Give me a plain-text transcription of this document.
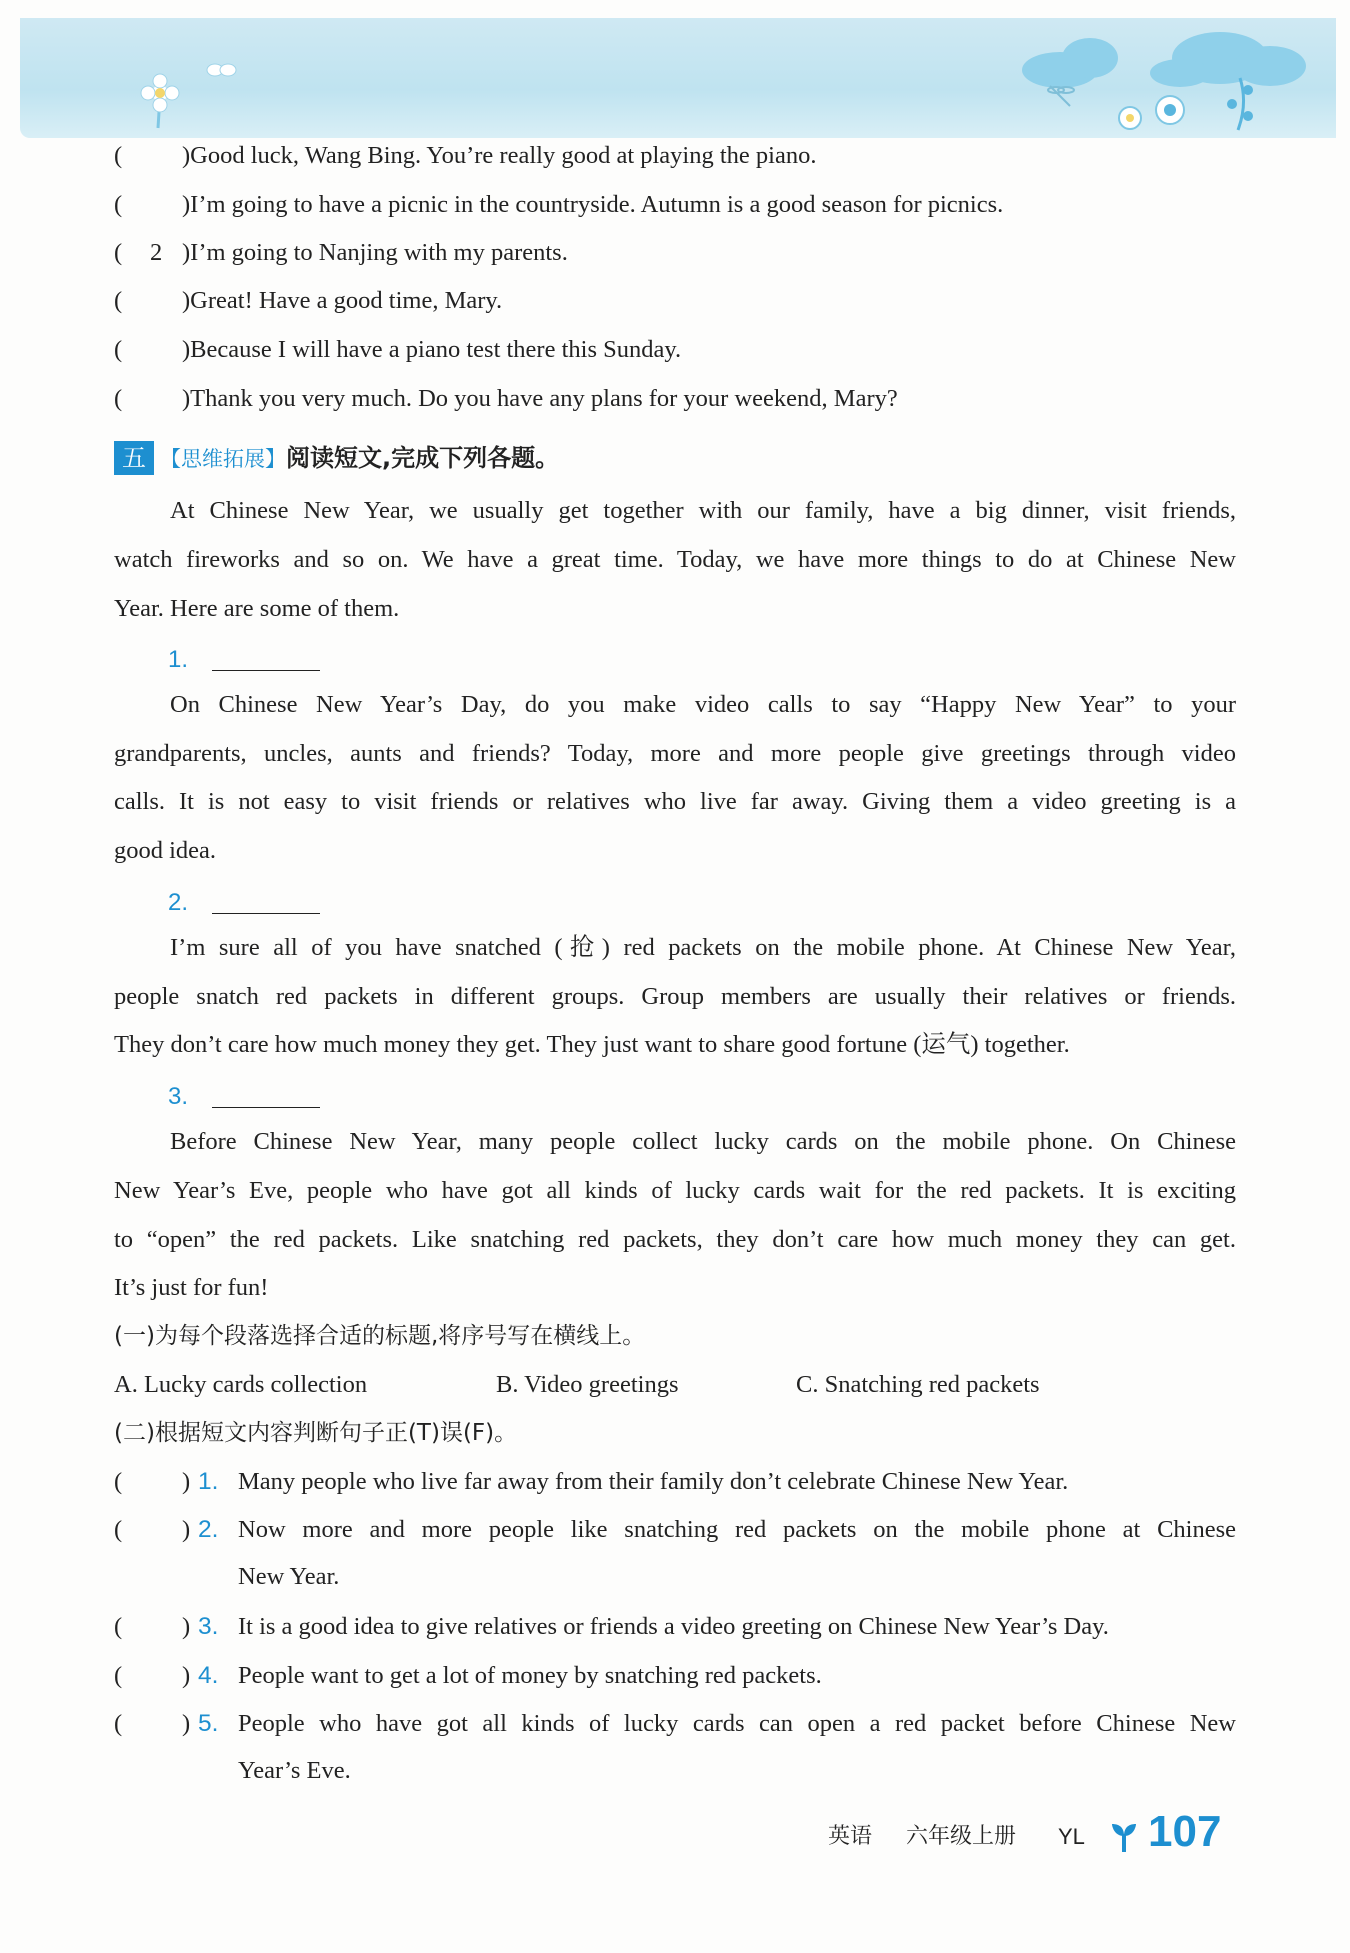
( )Good luck, Wang Bing. You’re really good at playing the piano.
( )I’m going to have a picnic in the countryside. Autumn is a good season for picnics.
( 2 )I’m going to Nanjing with my parents.
( )Great! Have a good time, Mary.
( )Because I will have a piano test there this Sunday.
( )Thank you very much. Do you have any plans for your weekend, Mary?
五 【思维拓展】阅读短文,完成下列各题。
At Chinese New Year, we usually get together with our family, have a big dinner, visit friends,
watch fireworks and so on. We have a great time. Today, we have more things to do at Chinese New
Year. Here are some of them.
1.
On Chinese New Year’s Day, do you make video calls to say “Happy New Year” to your
grandparents, uncles, aunts and friends? Today, more and more people give greetings through video
calls. It is not easy to visit friends or relatives who live far away. Giving them a video greeting is a
good idea.
2.
I’m sure all of you have snatched (抢) red packets on the mobile phone. At Chinese New Year,
people snatch red packets in different groups. Group members are usually their relatives or friends.
They don’t care how much money they get. They just want to share good fortune (运气) together.
3.
Before Chinese New Year, many people collect lucky cards on the mobile phone. On Chinese
New Year’s Eve, people who have got all kinds of lucky cards wait for the red packets. It is exciting
to “open” the red packets. Like snatching red packets, they don’t care how much money they can get.
It’s just for fun!
(一)为每个段落选择合适的标题,将序号写在横线上。
A. Lucky cards collection	B. Video greetings	C. Snatching red packets
(二)根据短文内容判断句子正(T)误(F)。
( ) 1. Many people who live far away from their family don’t celebrate Chinese New Year.
( ) 2. Now more and more people like snatching red packets on the mobile phone at Chinese
New Year.
( ) 3. It is a good idea to give relatives or friends a video greeting on Chinese New Year’s Day.
( ) 4. People want to get a lot of money by snatching red packets.
( ) 5. People who have got all kinds of lucky cards can open a red packet before Chinese New
Year’s Eve.
英语 六年级上册 YL 107
